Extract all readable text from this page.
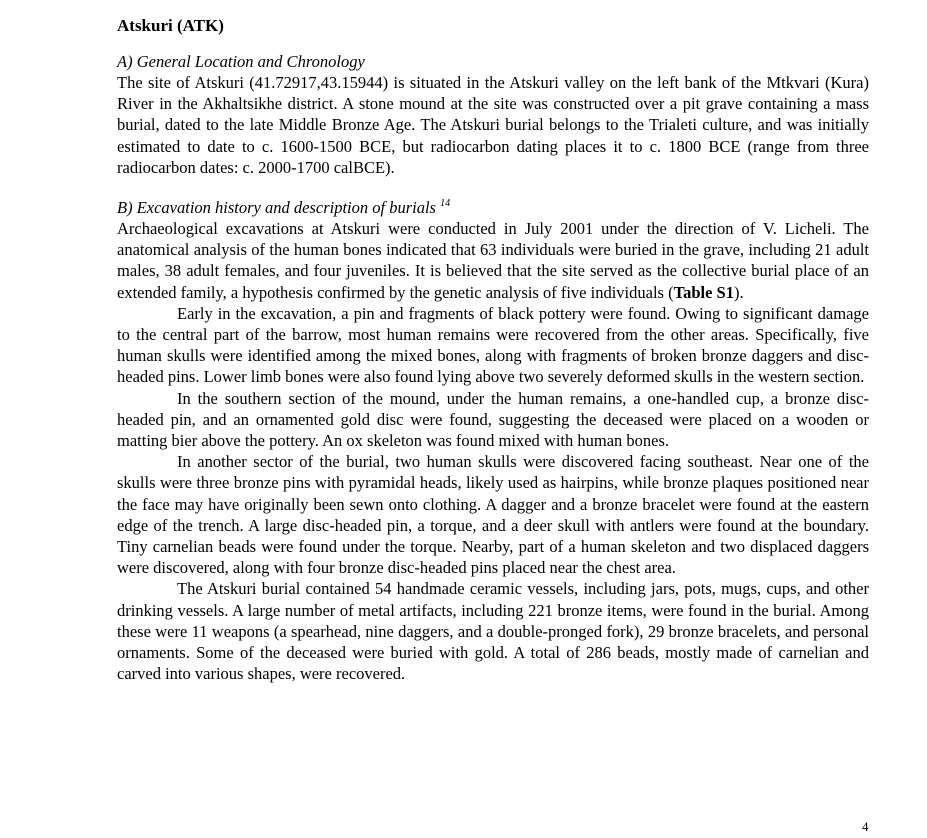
Atskuri (ATK)
A) General Location and Chronology

The site of Atskuri (41.72917,43.15944) is situated in the Atskuri valley on the left bank of the Mtkvari (Kura) River in the Akhaltsikhe district. A stone mound at the site was constructed over a pit grave containing a mass burial, dated to the late Middle Bronze Age. The Atskuri burial belongs to the Trialeti culture, and was initially estimated to date to c. 1600-1500 BCE, but radiocarbon dating places it to c. 1800 BCE (range from three radiocarbon dates: c. 2000-1700 calBCE).

B) Excavation history and description of burials $^{14}$

Archaeological excavations at Atskuri were conducted in July 2001 under the direction of V. Licheli. The anatomical analysis of the human bones indicated that 63 individuals were buried in the grave, including 21 adult males, 38 adult females, and four juveniles. It is believed that the site served as the collective burial place of an extended family, a hypothesis confirmed by the genetic analysis of five individuals (Table S1).

Early in the excavation, a pin and fragments of black pottery were found. Owing to significant damage to the central part of the barrow, most human remains were recovered from the other areas. Specifically, five human skulls were identified among the mixed bones, along with fragments of broken bronze daggers and disc-headed pins. Lower limb bones were also found lying above two severely deformed skulls in the western section.

In the southern section of the mound, under the human remains, a one-handled cup, a bronze disc-headed pin, and an ornamented gold disc were found, suggesting the deceased were placed on a wooden or matting bier above the pottery. An ox skeleton was found mixed with human bones.

In another sector of the burial, two human skulls were discovered facing southeast. Near one of the skulls were three bronze pins with pyramidal heads, likely used as hairpins, while bronze plaques positioned near the face may have originally been sewn onto clothing. A dagger and a bronze bracelet were found at the eastern edge of the trench. A large disc-headed pin, a torque, and a deer skull with antlers were found at the boundary. Tiny carnelian beads were found under the torque. Nearby, part of a human skeleton and two displaced daggers were discovered, along with four bronze disc-headed pins placed near the chest area.

The Atskuri burial contained 54 handmade ceramic vessels, including jars, pots, mugs, cups, and other drinking vessels. A large number of metal artifacts, including 221 bronze items, were found in the burial. Among these were 11 weapons (a spearhead, nine daggers, and a double-pronged fork), 29 bronze bracelets, and personal ornaments. Some of the deceased were buried with gold. A total of 286 beads, mostly made of carnelian and carved into various shapes, were recovered.

4
